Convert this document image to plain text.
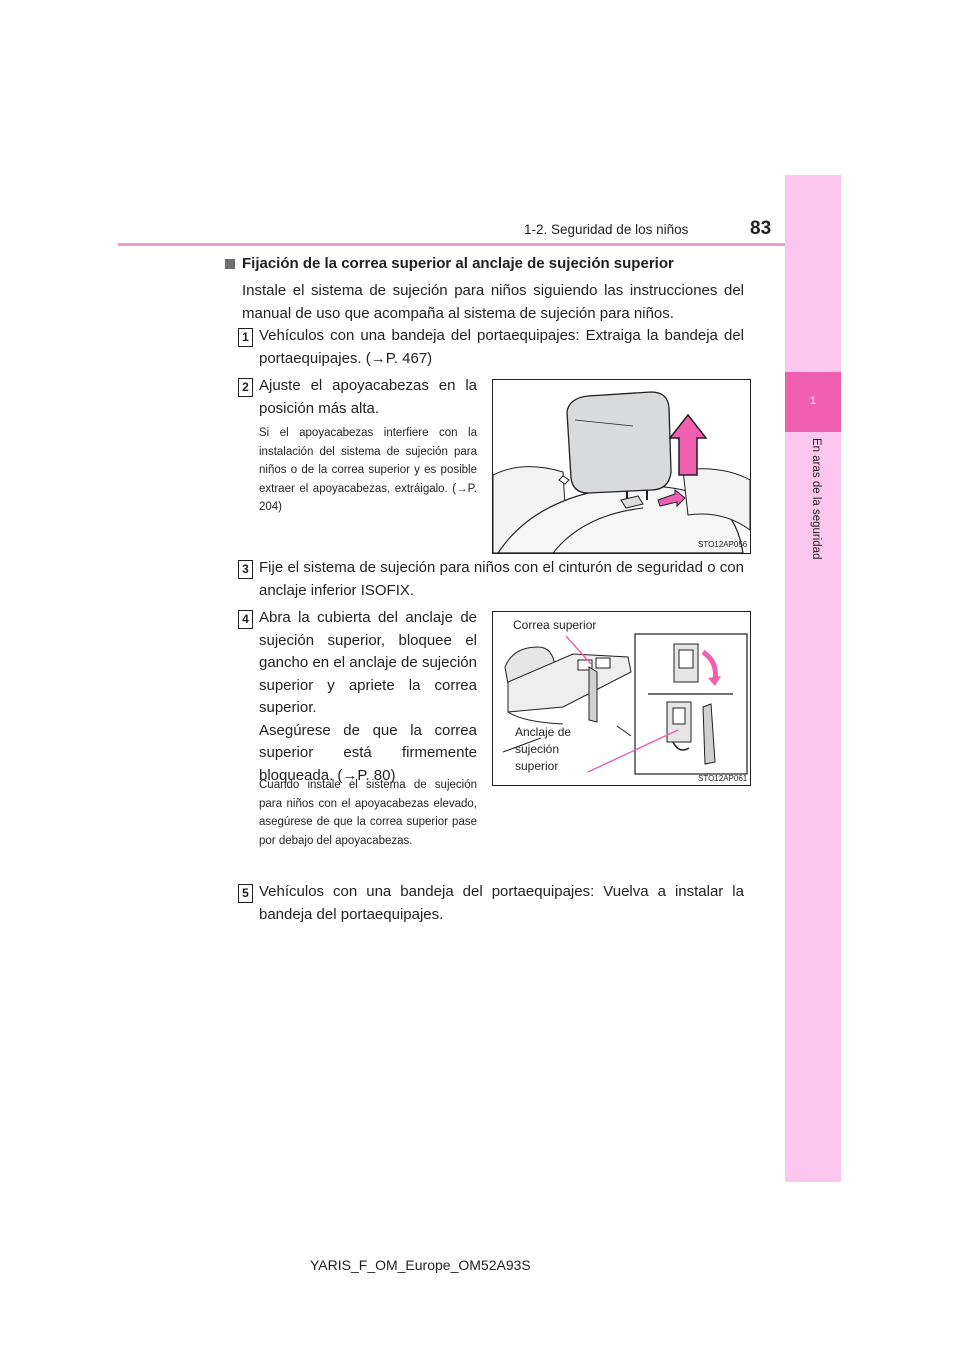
1-2. Seguridad de los niños	83
1
En aras de la seguridad
Fijación de la correa superior al anclaje de sujeción superior
Instale el sistema de sujeción para niños siguiendo las instrucciones del manual de uso que acompaña al sistema de sujeción para niños.
1 Vehículos con una bandeja del portaequipajes: Extraiga la bandeja del portaequipajes. (→P. 467)
2 Ajuste el apoyacabezas en la posición más alta.
Si el apoyacabezas interfiere con la instalación del sistema de sujeción para niños o de la correa superior y es posible extraer el apoyacabezas, extráigalo. (→P. 204)
STO12AP056
3 Fije el sistema de sujeción para niños con el cinturón de seguridad o con anclaje inferior ISOFIX.
4 Abra la cubierta del anclaje de sujeción superior, bloquee el gancho en el anclaje de sujeción superior y apriete la correa superior.
Asegúrese de que la correa superior está firmemente bloqueada. (→P. 80)
Cuando instale el sistema de sujeción para niños con el apoyacabezas elevado, asegúrese de que la correa superior pase por debajo del apoyacabezas.
Correa superior
Anclaje de
sujeción
superior
STO12AP061
5 Vehículos con una bandeja del portaequipajes: Vuelva a instalar la bandeja del portaequipajes.
YARIS_F_OM_Europe_OM52A93S
